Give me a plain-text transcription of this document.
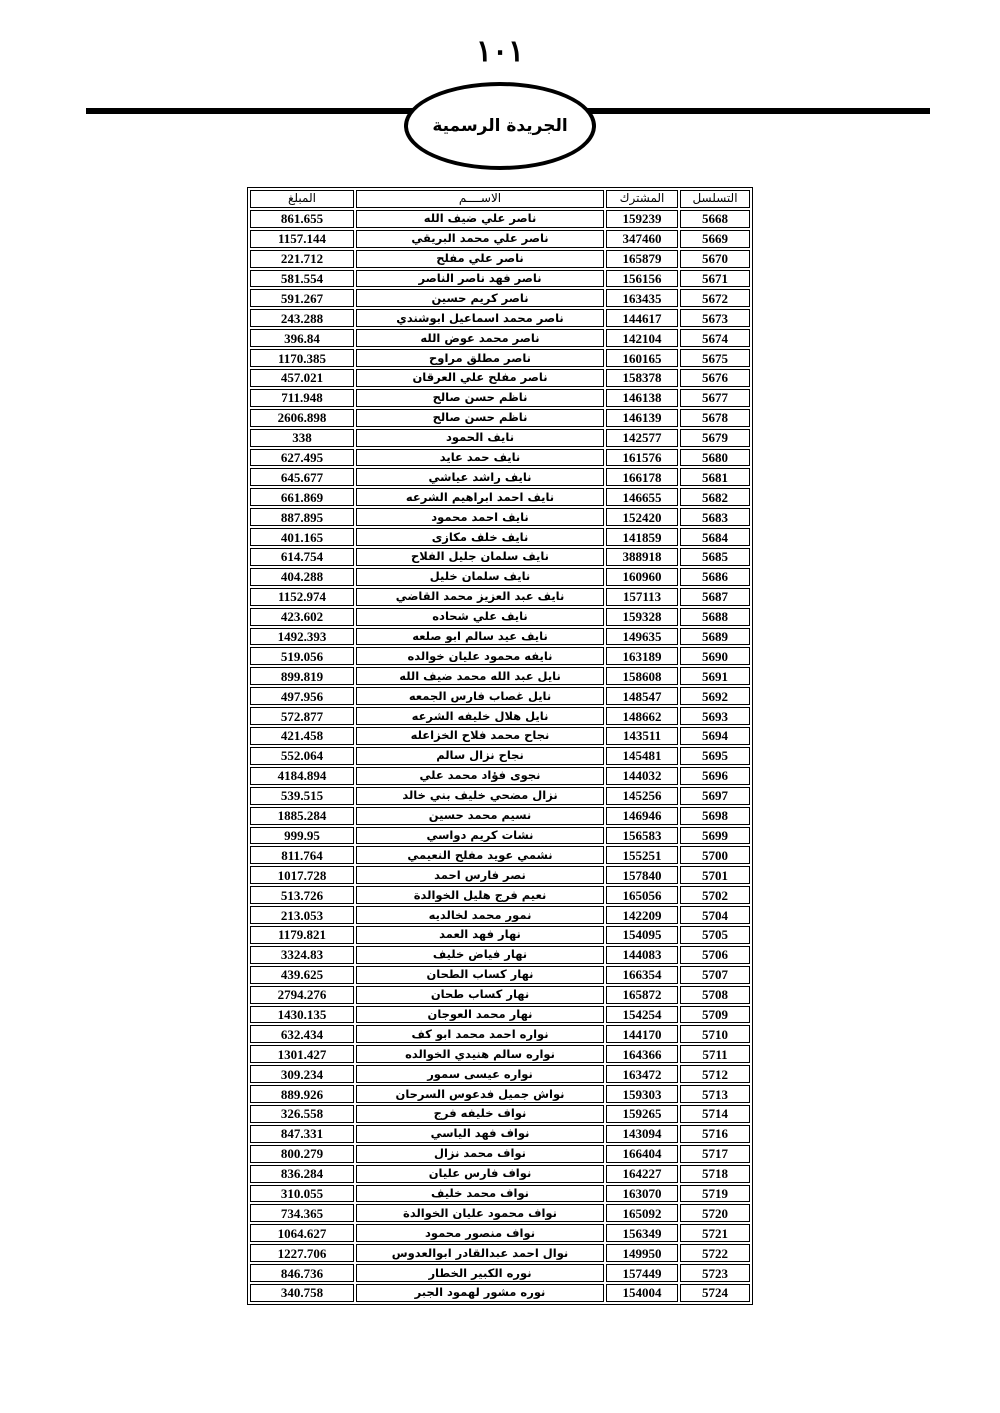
١٠١
الجريدة الرسمية
المبلغ	الاســــم	المشترك	التسلسل
861.655	ناصر علي ضيف الله	159239	5668
1157.144	ناصر علي محمد البريقي	347460	5669
221.712	ناصر علي مفلح	165879	5670
581.554	ناصر فهد ناصر الناصر	156156	5671
591.267	ناصر كريم حسين	163435	5672
243.288	ناصر محمد اسماعيل ابوشندي	144617	5673
396.84	ناصر محمد عوض الله	142104	5674
1170.385	ناصر مطلق مراوح	160165	5675
457.021	ناصر مفلح علي العرقان	158378	5676
711.948	ناظم حسن صالح	146138	5677
2606.898	ناظم حسن صالح	146139	5678
338	نايف الحمود	142577	5679
627.495	نايف حمد عايد	161576	5680
645.677	نايف راشد عياشي	166178	5681
661.869	نايف احمد ابراهيم الشرعه	146655	5682
887.895	نايف احمد محمود	152420	5683
401.165	نايف خلف مكازى	141859	5684
614.754	نايف سلمان جليل الفلاح	388918	5685
404.288	نايف سلمان خليل	160960	5686
1152.974	نايف عبد العزيز محمد القاضي	157113	5687
423.602	نايف علي شحاده	159328	5688
1492.393	نايف عيد سالم ابو صلعه	149635	5689
519.056	نايفه محمود عليان خوالده	163189	5690
899.819	نايل عبد الله محمد ضيف الله	158608	5691
497.956	نايل غصاب فارس الجمعه	148547	5692
572.877	نايل هلال خليفه الشرعه	148662	5693
421.458	نجاح محمد فلاح الخزاعله	143511	5694
552.064	نجاح نزال سالم	145481	5695
4184.894	نجوى فؤاد محمد علي	144032	5696
539.515	نزال مضحي خليف بني خالد	145256	5697
1885.284	نسيم محمد حسين	146946	5698
999.95	نشات كريم دواسي	156583	5699
811.764	نشمي عويد مفلح النعيمي	155251	5700
1017.728	نصر فارس احمد	157840	5701
513.726	نعيم فرج هليل الخوالدة	165056	5702
213.053	نمور محمد لخالديه	142209	5704
1179.821	نهار فهد العمد	154095	5705
3324.83	نهار فياض خليف	144083	5706
439.625	نهار كساب الطحان	166354	5707
2794.276	نهار كساب طحان	165872	5708
1430.135	نهار محمد العوجان	154254	5709
632.434	نواره احمد محمد ابو كف	144170	5710
1301.427	نواره سالم هنيدي الخوالده	164366	5711
309.234	نواره عيسى سمور	163472	5712
889.926	نواش جميل فدعوس السرحان	159303	5713
326.558	نواف خليفه فرج	159265	5714
847.331	نواف فهد الياسي	143094	5716
800.279	نواف محمد نزال	166404	5717
836.284	نواف فارس عليان	164227	5718
310.055	نواف محمد خليف	163070	5719
734.365	نواف محمود عليان الخوالدة	165092	5720
1064.627	نواف منصور محمود	156349	5721
1227.706	نوال احمد عبدالقادر ابوالعدوس	149950	5722
846.736	نوره الكبير الخطار	157449	5723
340.758	نوره مشور لهمود الجبر	154004	5724
